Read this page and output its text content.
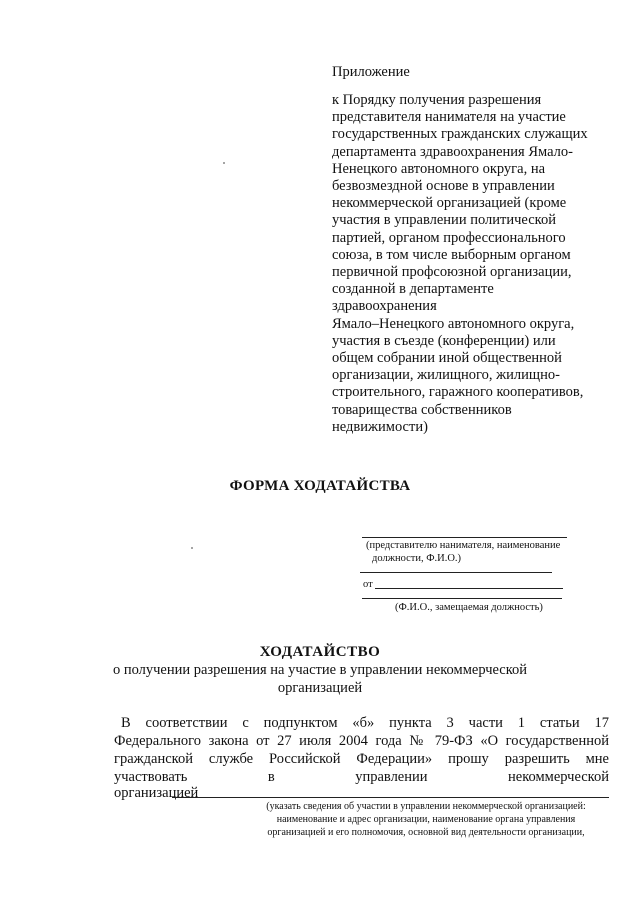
Приложение
к Порядку получения разрешения
представителя нанимателя на участие
государственных гражданских служащих
департамента здравоохранения Ямало-
Ненецкого автономного округа, на
безвозмездной основе в управлении
некоммерческой организацией (кроме
участия в управлении политической
партией, органом профессионального
союза, в том числе выборным органом
первичной профсоюзной организации,
созданной в департаменте
здравоохранения
Ямало–Ненецкого автономного округа,
участия в съезде (конференции) или
общем собрании иной общественной
организации, жилищного, жилищно-
строительного, гаражного кооперативов,
товарищества собственников
недвижимости)
ФОРМА ХОДАТАЙСТВА
(представителю нанимателя, наименование
должности, Ф.И.О.)
от
(Ф.И.О., замещаемая должность)
ХОДАТАЙСТВО
о получении разрешения на участие в управлении некоммерческой
организацией
В соответствии с подпунктом «б» пункта 3 части 1 статьи 17
Федерального закона от 27 июля 2004 года № 79-ФЗ «О государственной
гражданской службе Российской Федерации» прошу разрешить мне
участвовать в управлении некоммерческой
организацией
(указать сведения об участии в управлении некоммерческой организацией:
наименование и адрес организации, наименование органа управления
организацией и его полномочия, основной вид деятельности организации,
